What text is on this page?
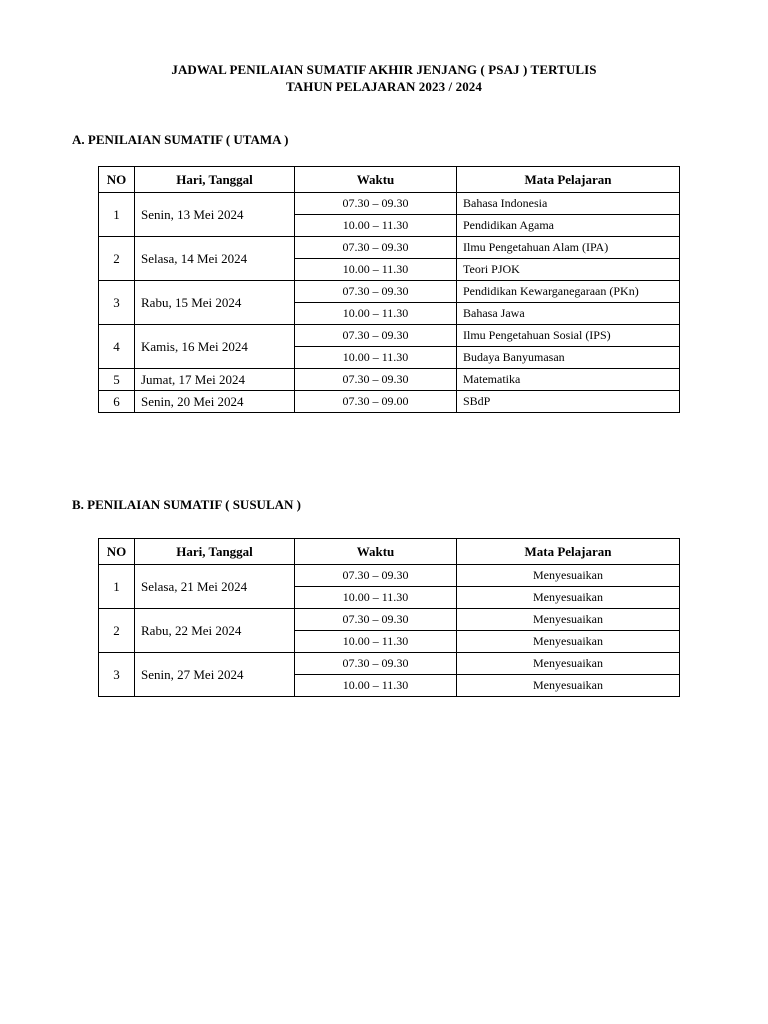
JADWAL PENILAIAN SUMATIF AKHIR JENJANG ( PSAJ ) TERTULIS
TAHUN PELAJARAN 2023 / 2024
A. PENILAIAN SUMATIF ( UTAMA )
NO	Hari, Tanggal	Waktu	Mata Pelajaran
1	Senin, 13 Mei 2024	07.30 – 09.30	Bahasa Indonesia
		10.00 – 11.30	Pendidikan Agama
2	Selasa, 14 Mei 2024	07.30 – 09.30	Ilmu Pengetahuan Alam (IPA)
		10.00 – 11.30	Teori PJOK
3	Rabu, 15 Mei 2024	07.30 – 09.30	Pendidikan Kewarganegaraan (PKn)
		10.00 – 11.30	Bahasa Jawa
4	Kamis, 16 Mei 2024	07.30 – 09.30	Ilmu Pengetahuan Sosial (IPS)
		10.00 – 11.30	Budaya Banyumasan
5	Jumat, 17 Mei 2024	07.30 – 09.30	Matematika
6	Senin, 20 Mei 2024	07.30 – 09.00	SBdP
B. PENILAIAN SUMATIF ( SUSULAN )
NO	Hari, Tanggal	Waktu	Mata Pelajaran
1	Selasa, 21 Mei 2024	07.30 – 09.30	Menyesuaikan
		10.00 – 11.30	Menyesuaikan
2	Rabu, 22 Mei 2024	07.30 – 09.30	Menyesuaikan
		10.00 – 11.30	Menyesuaikan
3	Senin, 27 Mei 2024	07.30 – 09.30	Menyesuaikan
		10.00 – 11.30	Menyesuaikan
